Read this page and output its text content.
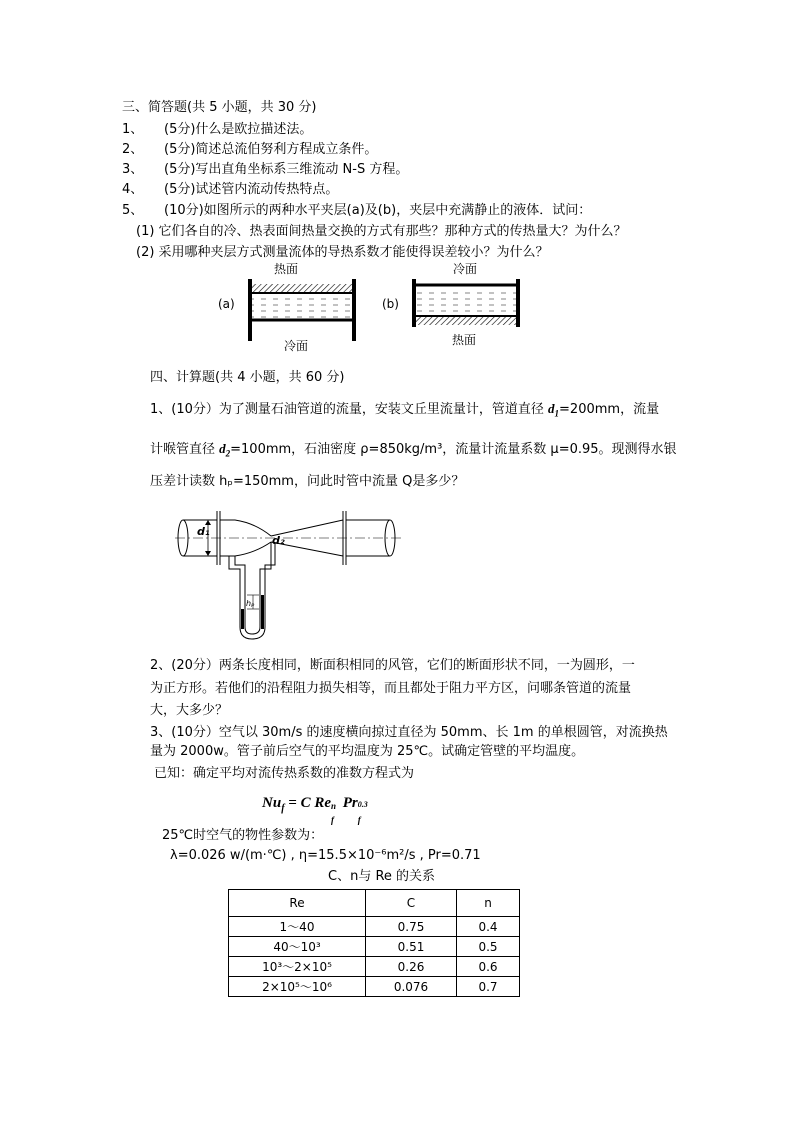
三、简答题(共 5 小题，共 30 分)
1、 (5分)什么是欧拉描述法。
2、 (5分)简述总流伯努利方程成立条件。
3、 (5分)写出直角坐标系三维流动 N-S 方程。
4、 (5分)试述管内流动传热特点。
5、 (10分)如图所示的两种水平夹层(a)及(b)，夹层中充满静止的液体．试问：
(1) 它们各自的冷、热表面间热量交换的方式有那些？那种方式的传热量大？为什么？
(2) 采用哪种夹层方式测量流体的导热系数才能使得误差较小？为什么？
热面
(a)
冷面
冷面
(b)
热面
四、计算题(共 4 小题，共 60 分)
1、(10分）为了测量石油管道的流量，安装文丘里流量计，管道直径 $d_1=200mm$，流量
计喉管直径 $d_2=100mm$，石油密度 ρ=850kg/m³，流量计流量系数 μ=0.95。现测得水银
压差计读数 hₚ=150mm，问此时管中流量 Q是多少？
d₁
d₂
hₚ
2、(20分）两条长度相同，断面积相同的风管，它们的断面形状不同，一为圆形，一
为正方形。若他们的沿程阻力损失相等，而且都处于阻力平方区，问哪条管道的流量
大，大多少？
3、(10分）空气以 30m/s 的速度横向掠过直径为 50mm、长 1m 的单根圆管，对流换热
量为 2000w。管子前后空气的平均温度为 25℃。试确定管壁的平均温度。
已知：确定平均对流传热系数的准数方程式为
$Nu_f = C$ Re n
f
Pr 0.3
f
25℃时空气的物性参数为：
λ=0.026 w/(m·℃) , η=15.5×10⁻⁶m²/s , Pr=0.71
C、n与 Re 的关系
Re	C	n
1～40	0.75	0.4
40～10³	0.51	0.5
10³～2×10⁵	0.26	0.6
2×10⁵～10⁶	0.076	0.7
